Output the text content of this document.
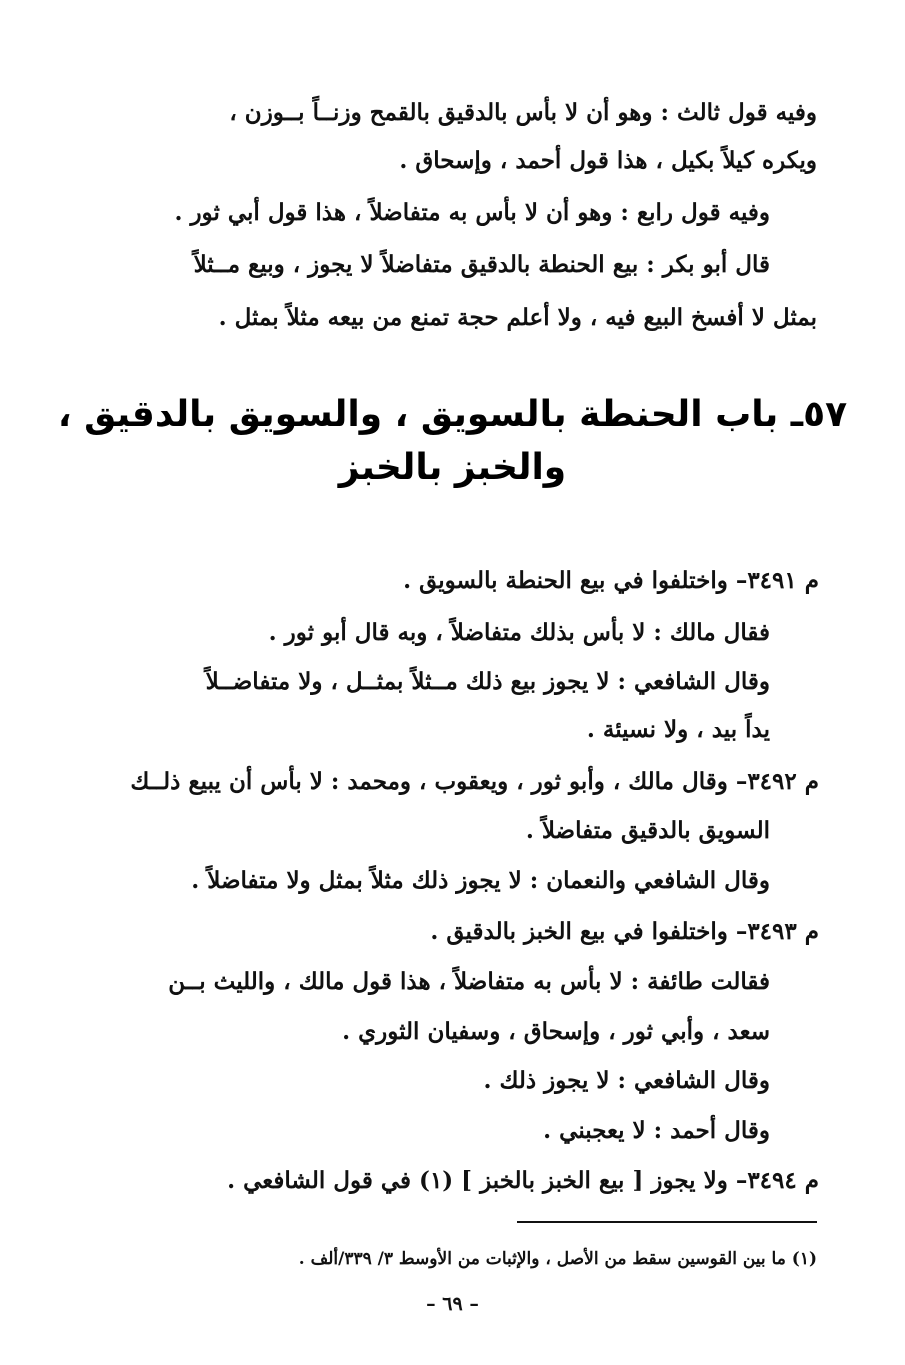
وفيه قول ثالث : وهو أن لا بأس بالدقيق بالقمح وزنــاً بــوزن ،
ويكره كيلاً بكيل ، هذا قول أحمد ، وإسحاق .
وفيه قول رابع : وهو أن لا بأس به متفاضلاً ، هذا قول أبي ثور .
قال أبو بكر : بيع الحنطة بالدقيق متفاضلاً لا يجوز ، وبيع مــثلاً
بمثل لا أفسخ البيع فيه ، ولا أعلم حجة تمنع من بيعه مثلاً بمثل .
٥٧ـ باب الحنطة بالسويق ، والسويق بالدقيق ،
والخبز بالخبز
م ٣٤٩١– واختلفوا في بيع الحنطة بالسويق .
فقال مالك : لا بأس بذلك متفاضلاً ، وبه قال أبو ثور .
وقال الشافعي : لا يجوز بيع ذلك مــثلاً بمثــل ، ولا متفاضــلاً
يداً بيد ، ولا نسيئة .
م ٣٤٩٢– وقال مالك ، وأبو ثور ، ويعقوب ، ومحمد : لا بأس أن يبيع ذلــك
السويق بالدقيق متفاضلاً .
وقال الشافعي والنعمان : لا يجوز ذلك مثلاً بمثل ولا متفاضلاً .
م ٣٤٩٣– واختلفوا في بيع الخبز بالدقيق .
فقالت طائفة : لا بأس به متفاضلاً ، هذا قول مالك ، والليث بــن
سعد ، وأبي ثور ، وإسحاق ، وسفيان الثوري .
وقال الشافعي : لا يجوز ذلك .
وقال أحمد : لا يعجبني .
م ٣٤٩٤– ولا يجوز [ بيع الخبز بالخبز ] (١) في قول الشافعي .
(١) ما بين القوسين سقط من الأصل ، والإثبات من الأوسط ٣/ ٣٣٩/ألف .
– ٦٩ –
